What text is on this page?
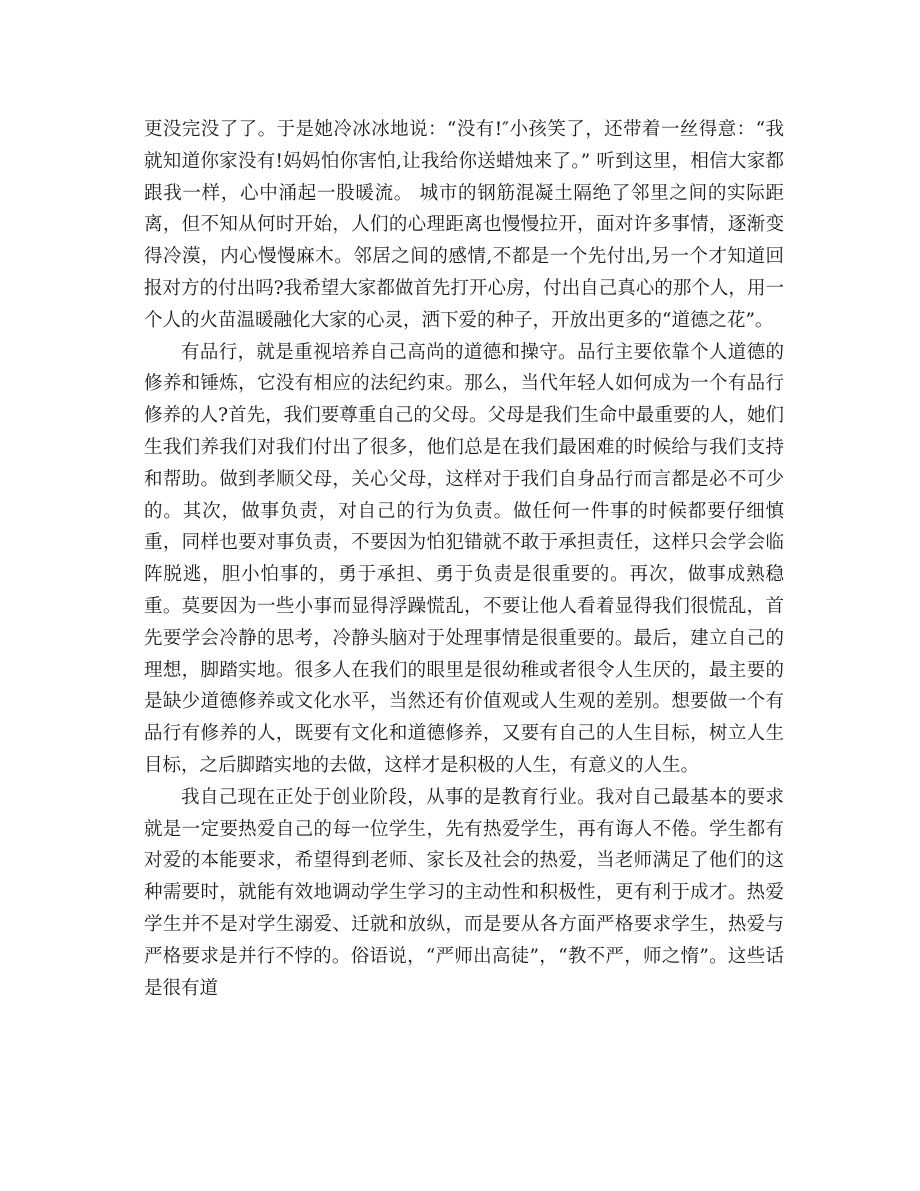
更没完没了了。于是她冷冰冰地说：“没有!″小孩笑了，还带着一丝得意：“我就知道你家没有!妈妈怕你害怕,让我给你送蜡烛来了。” 听到这里，相信大家都跟我一样，心中涌起一股暖流。 城市的钢筋混凝土隔绝了邻里之间的实际距离，但不知从何时开始，人们的心理距离也慢慢拉开，面对许多事情，逐渐变得冷漠，内心慢慢麻木。邻居之间的感情,不都是一个先付出,另一个才知道回报对方的付出吗?我希望大家都做首先打开心房，付出自己真心的那个人，用一个人的火苗温暖融化大家的心灵，洒下爱的种子，开放出更多的“道德之花”。

有品行，就是重视培养自己高尚的道德和操守。品行主要依靠个人道德的修养和锤炼，它没有相应的法纪约束。那么，当代年轻人如何成为一个有品行修养的人?首先，我们要尊重自己的父母。父母是我们生命中最重要的人，她们生我们养我们对我们付出了很多，他们总是在我们最困难的时候给与我们支持和帮助。做到孝顺父母，关心父母，这样对于我们自身品行而言都是必不可少的。其次，做事负责，对自己的行为负责。做任何一件事的时候都要仔细慎重，同样也要对事负责，不要因为怕犯错就不敢于承担责任，这样只会学会临阵脱逃，胆小怕事的，勇于承担、勇于负责是很重要的。再次，做事成熟稳重。莫要因为一些小事而显得浮躁慌乱，不要让他人看着显得我们很慌乱，首先要学会冷静的思考，冷静头脑对于处理事情是很重要的。最后，建立自己的理想，脚踏实地。很多人在我们的眼里是很幼稚或者很令人生厌的，最主要的是缺少道德修养或文化水平，当然还有价值观或人生观的差别。想要做一个有品行有修养的人，既要有文化和道德修养，又要有自己的人生目标，树立人生目标，之后脚踏实地的去做，这样才是积极的人生，有意义的人生。

我自己现在正处于创业阶段，从事的是教育行业。我对自己最基本的要求就是一定要热爱自己的每一位学生，先有热爱学生，再有诲人不倦。学生都有对爱的本能要求，希望得到老师、家长及社会的热爱，当老师满足了他们的这种需要时，就能有效地调动学生学习的主动性和积极性，更有利于成才。热爱学生并不是对学生溺爱、迁就和放纵，而是要从各方面严格要求学生，热爱与严格要求是并行不悖的。俗语说，“严师出高徒”，“教不严，师之惰”。这些话是很有道
